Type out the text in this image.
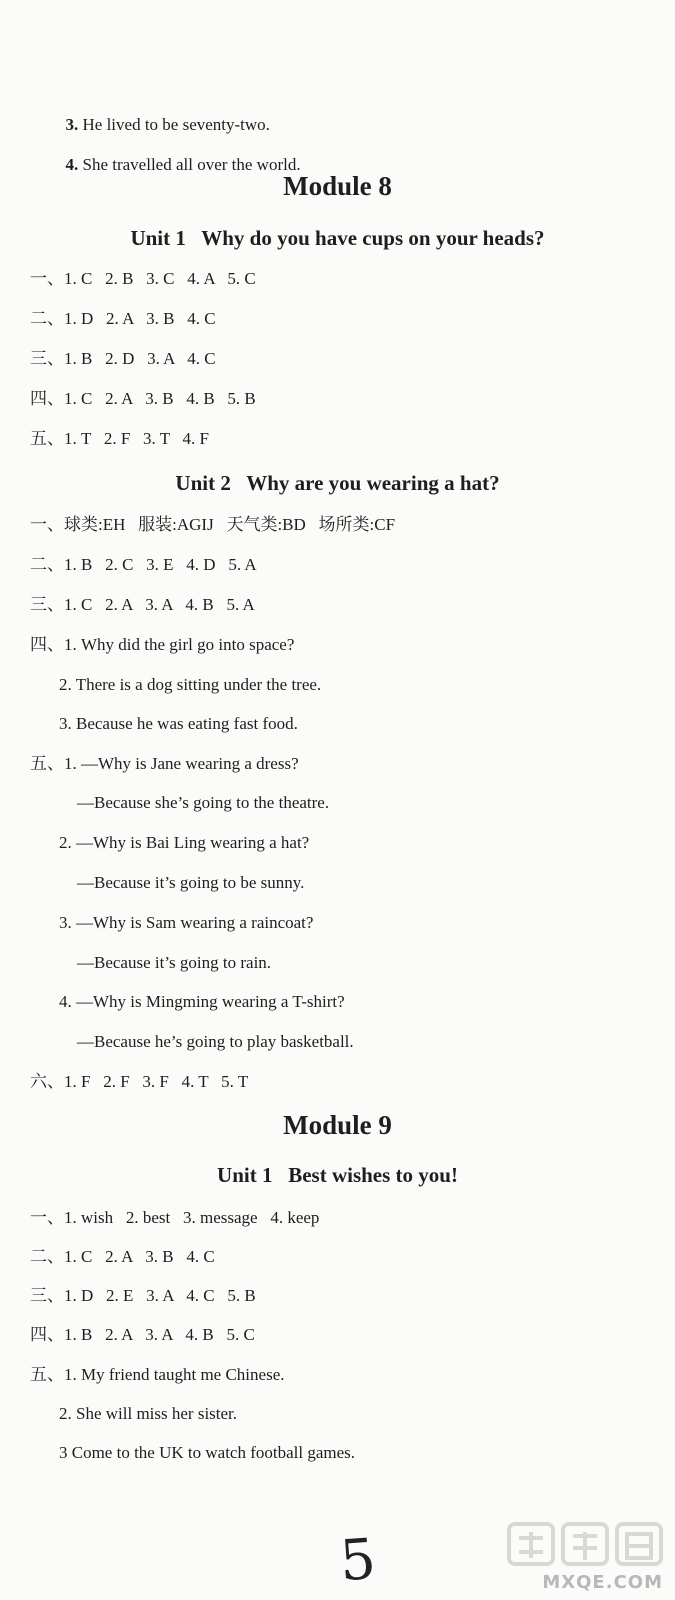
3. He lived to be seventy-two.

4. She travelled all over the world.

Module 8
Unit 1   Why do you have cups on your heads?
一、1. C   2. B   3. C   4. A   5. C
二、1. D   2. A   3. B   4. C
三、1. B   2. D   3. A   4. C
四、1. C   2. A   3. B   4. B   5. B
五、1. T   2. F   3. T   4. F
Unit 2   Why are you wearing a hat?
一、球类:EH   服装:AGIJ   天气类:BD   场所类:CF
二、1. B   2. C   3. E   4. D   5. A
三、1. C   2. A   3. A   4. B   5. A
四、1. Why did the girl go into space?
2. There is a dog sitting under the tree.
3. Because he was eating fast food.
五、1. —Why is Jane wearing a dress?
—Because she’s going to the theatre.
2. —Why is Bai Ling wearing a hat?
—Because it’s going to be sunny.
3. —Why is Sam wearing a raincoat?
—Because it’s going to rain.
4. —Why is Mingming wearing a T-shirt?
—Because he’s going to play basketball.
六、1. F   2. F   3. F   4. T   5. T
Module 9
Unit 1   Best wishes to you!
一、1. wish   2. best   3. message   4. keep
二、1. C   2. A   3. B   4. C
三、1. D   2. E   3. A   4. C   5. B
四、1. B   2. A   3. A   4. B   5. C
五、1. My friend taught me Chinese.
2. She will miss her sister.
3 Come to the UK to watch football games.
5	MXQE.COM
